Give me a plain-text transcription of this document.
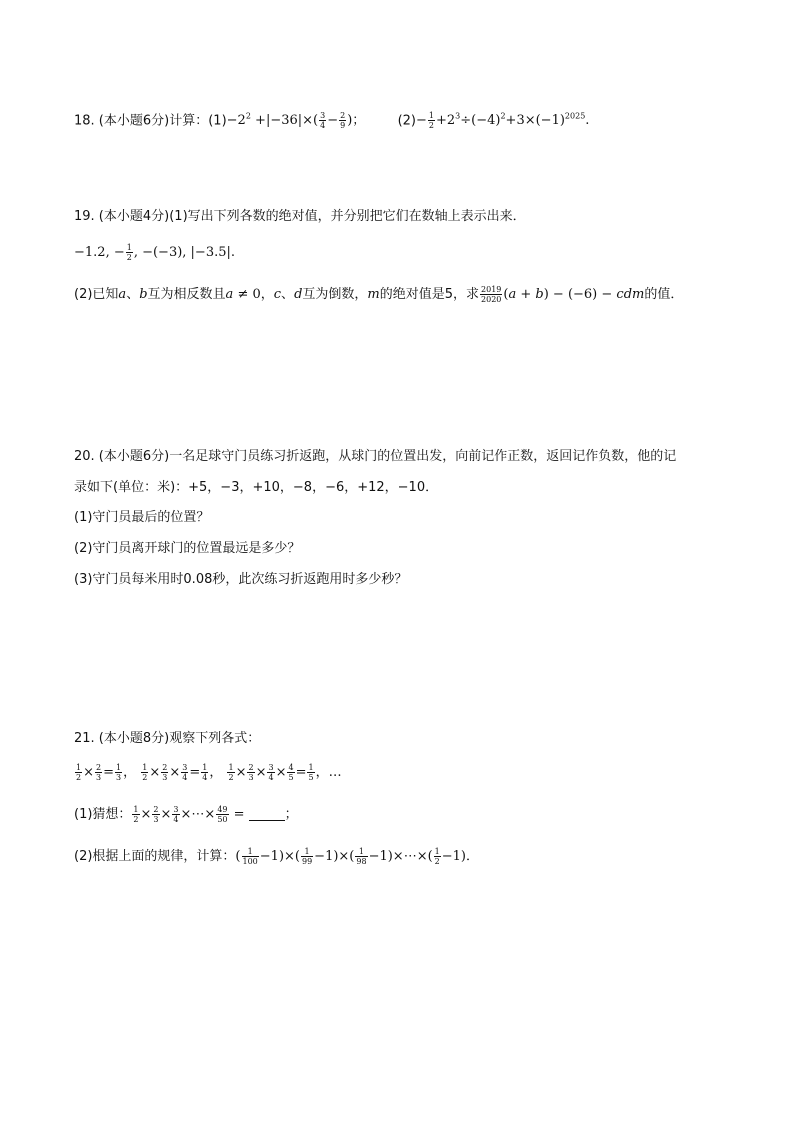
18. (本小题6分)计算：$(1)-2^2 +|-36|\times( \frac{3}{4} - \frac{2}{9}$ )； $(2)- \frac{1}{2} +2^3\div(-4)^2+3\times(-1)^{2025}$.
19. (本小题4分)(1)写出下列各数的绝对值，并分别把它们在数轴上表示出来．
−1.2, − $\frac{1}{2}$ , −(−3), |−3.5|.
(2)已知a、b互为相反数且a ≠ 0，c、d互为倒数，m的绝对值是5，求 $\frac{2019}{2020} (a + b) - (-6)$ − cdm的值．
20. (本小题6分)一名足球守门员练习折返跑，从球门的位置出发，向前记作正数，返回记作负数，他的记
录如下(单位：米)：+5，−3，+10，−8，−6，+12，−10．
(1)守门员最后的位置？
(2)守门员离开球门的位置最远是多少？
(3)守门员每米用时0.08秒，此次练习折返跑用时多少秒？
21. (本小题8分)观察下列各式：
$\frac{1}{2} \times \frac{2}{3} = \frac{1}{3}$ ， $\frac{1}{2} \times \frac{2}{3} \times \frac{3}{4} = \frac{1}{4}$ ， $\frac{1}{2} \times \frac{2}{3} \times \frac{3}{4} \times \frac{4}{5} = \frac{1}{5}$ ，…
(1)猜想： $\frac{1}{2} \times \frac{2}{3} \times \frac{3}{4}$ ×⋯× $\frac{49}{50}$ =	；
(2)根据上面的规律，计算：( $\frac{1}{100} -1)\times( \frac{1}{99} -1)\times( \frac{1}{98}$ −1)×⋯×( $\frac{1}{2} -1$)．
